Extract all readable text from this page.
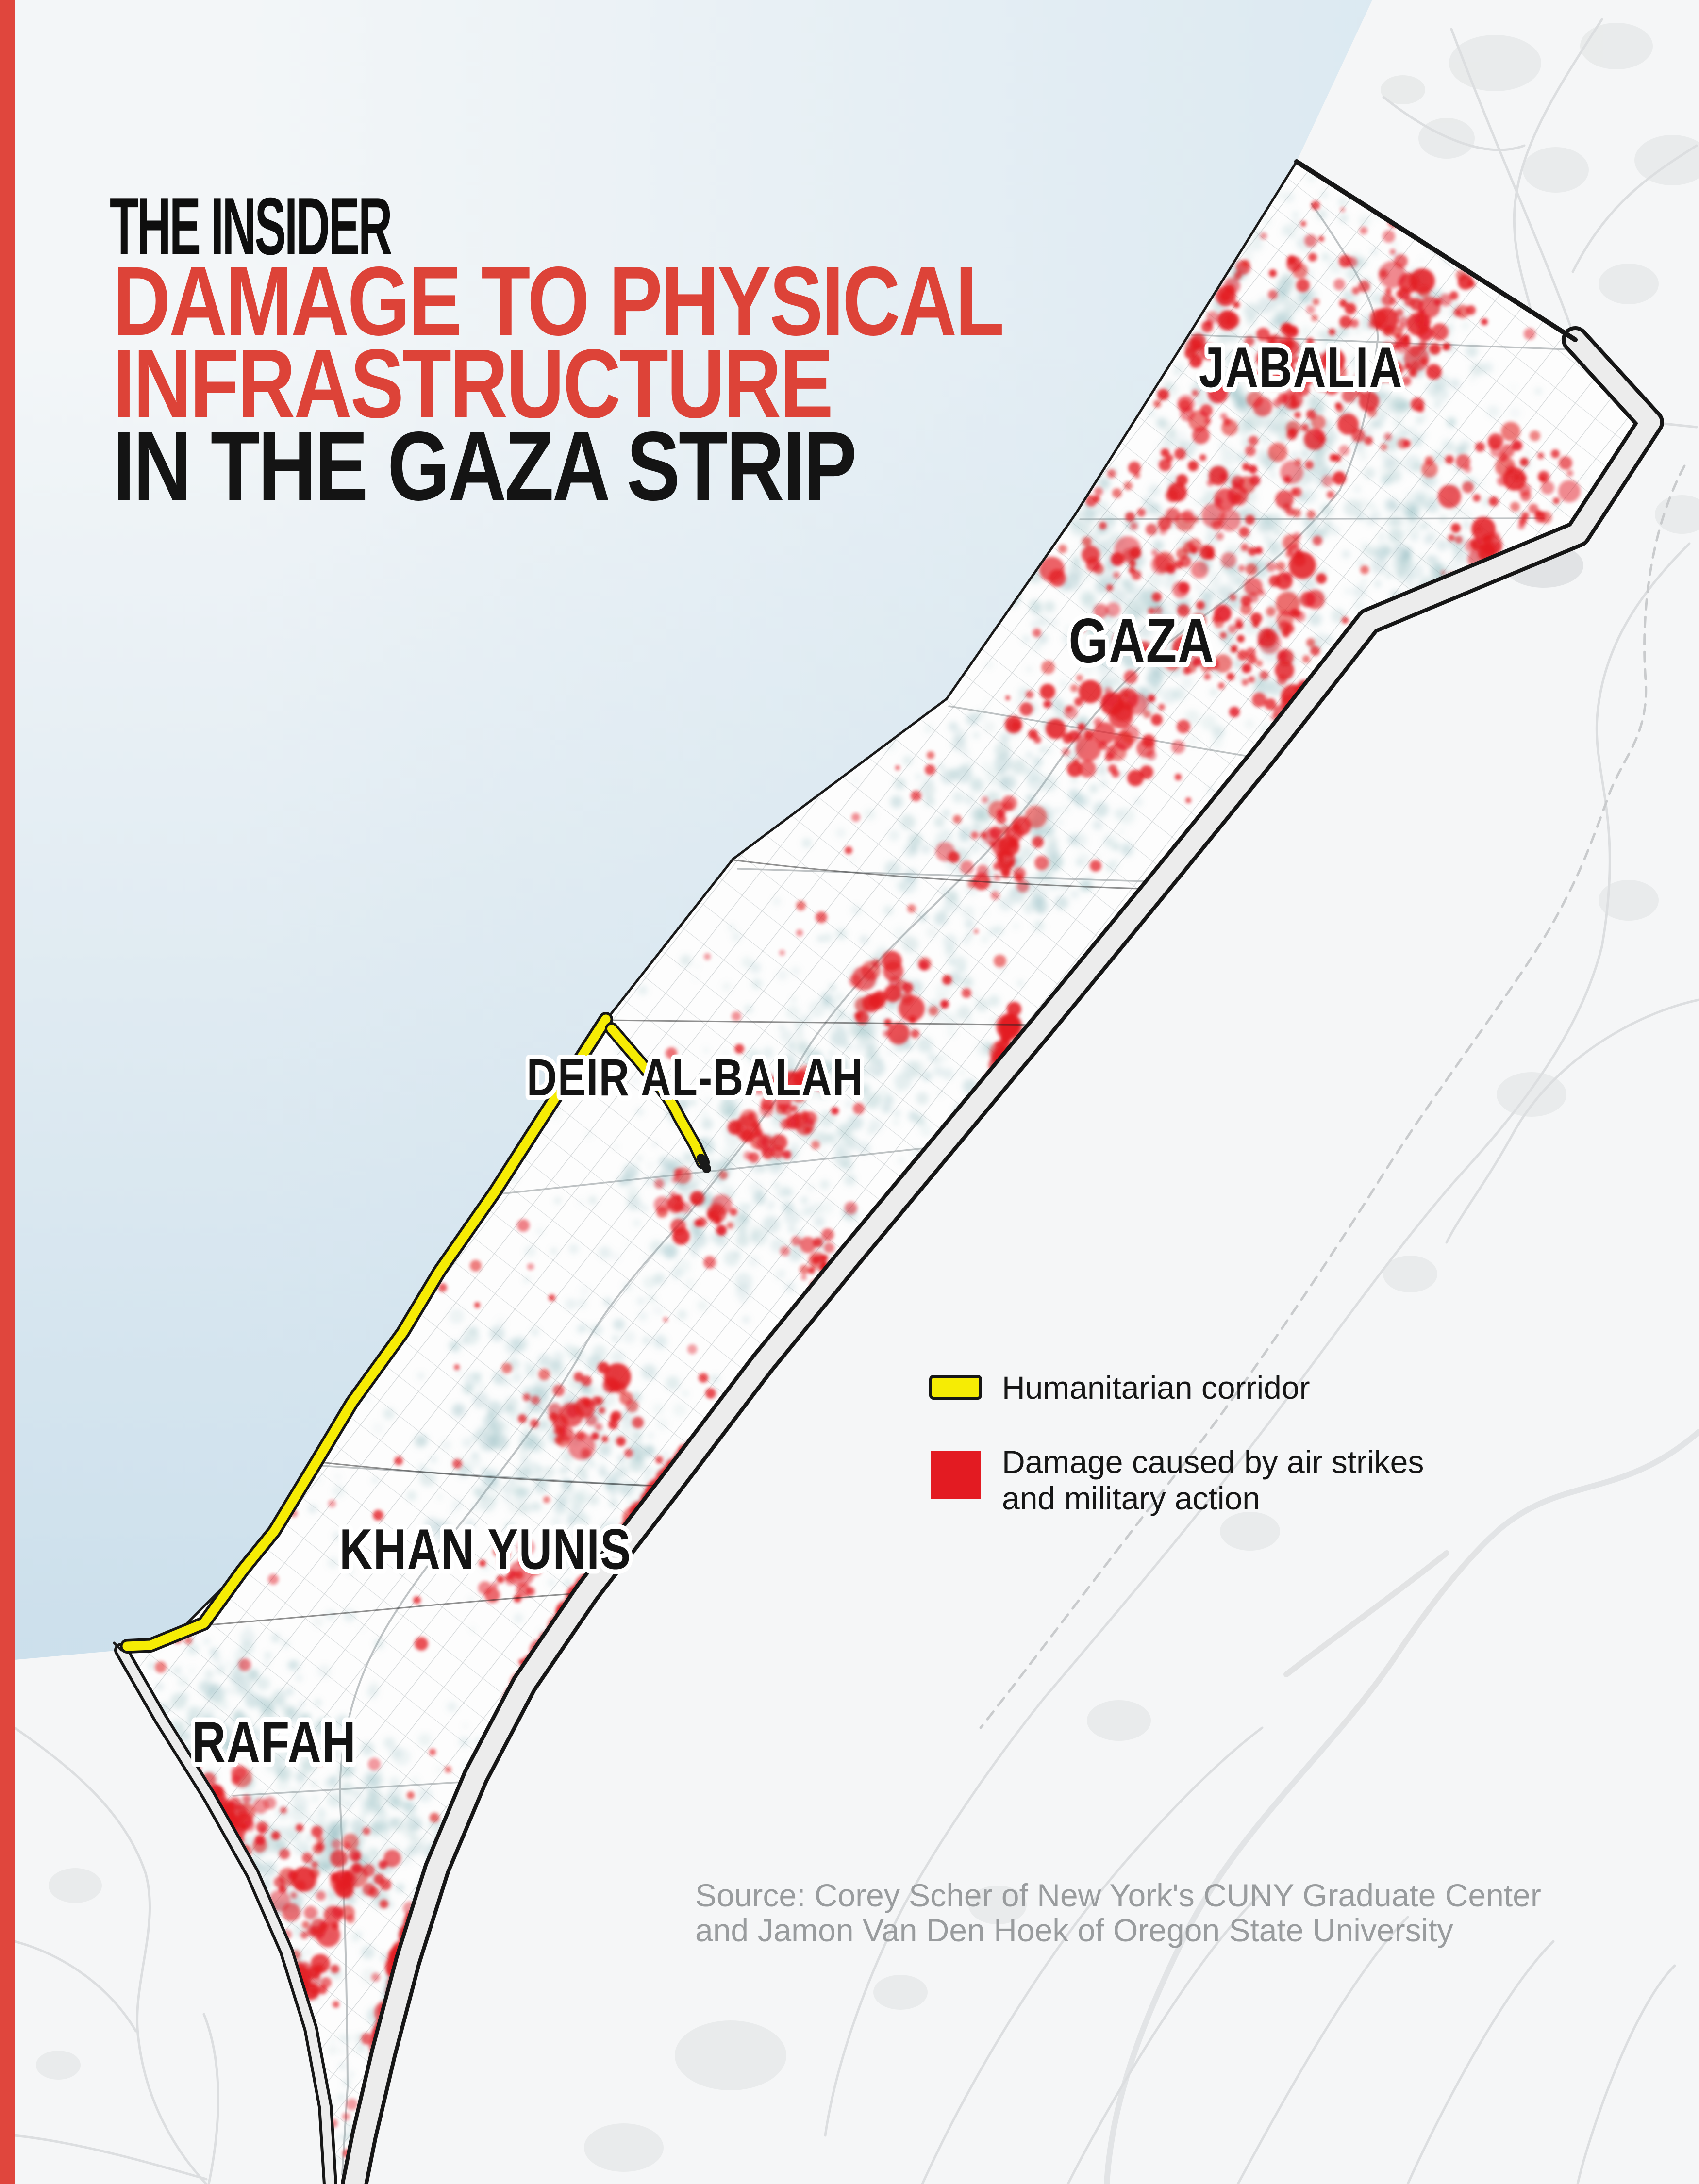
JABALIA
GAZA
DEIR AL-BALAH
KHAN YUNIS
RAFAH
Humanitarian corridor
Damage caused by air strikes
and military action
Source: Corey Scher of New York's CUNY Graduate Center
and Jamon Van Den Hoek of Oregon State University
THE INSIDER
DAMAGE TO PHYSICAL
INFRASTRUCTURE
IN THE GAZA STRIP
